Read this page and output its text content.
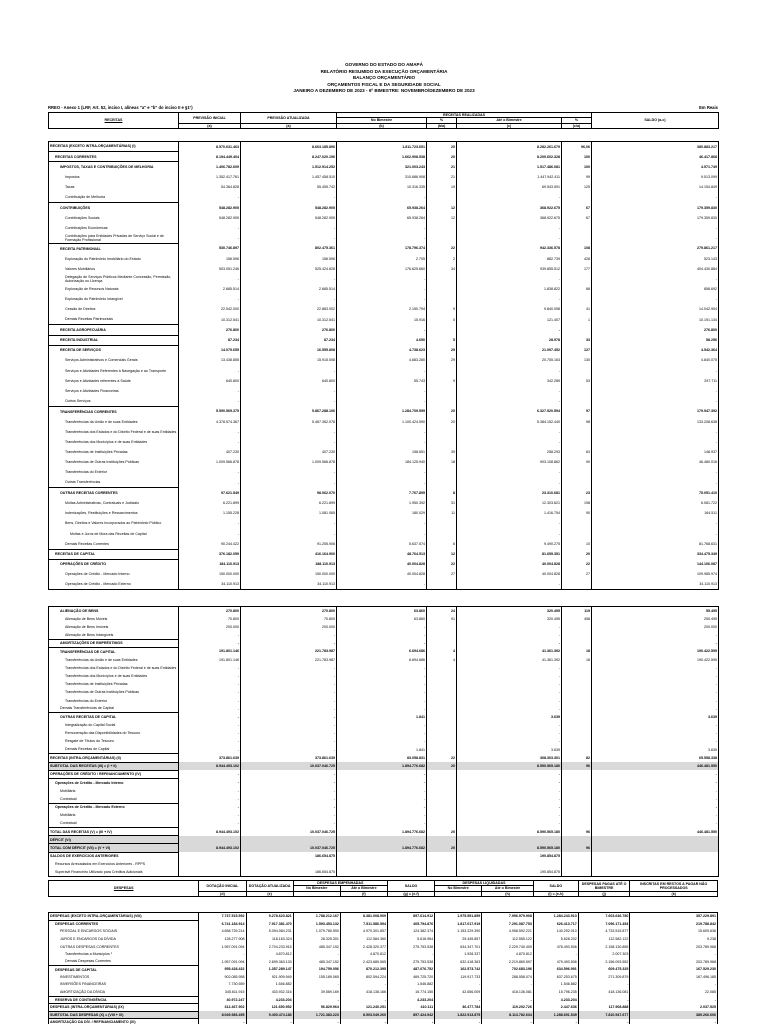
GOVERNO DO ESTADO DO AMAPÁ
RELATÓRIO RESUMIDO DA EXECUÇÃO ORÇAMENTÁRIA
BALANÇO ORÇAMENTÁRIO
ORÇAMENTOS FISCAL E DA SEGURIDADE SOCIAL
JANEIRO A DEZEMBRO DE 2023 - 6º BIMESTRE: NOVEMBRO/DEZEMBRO DE 2023
RREO - Anexo 1 (LRF, Art. 52, inciso I, alíneas "a" e "b" do inciso II e §1º)	Em Reais
RECEITAS	PREVISÃO INICIAL	PREVISÃO ATUALIZADA	RECEITAS REALIZADAS				SALDO (a-c)
			No Bimestre	%	Até o Bimestre	%	
	(a)	(a)	(b)	(b/a)	(c)	(c/a)	
RECEITAS (EXCETO INTRA-ORÇAMENTÁRIAS) (I)	8.570.631.463	8.663.185.896	1.811.723.651	20	8.282.261.679	96,06	380.883.217
RECEITAS CORRENTES	8.194.449.404	8.247.020.196	1.662.908.538	20	8.200.602.328	100	46.417.868
IMPOSTOS, TAXAS E CONTRIBUIÇÕES DE MELHORIA	1.406.782.609	1.512.914.252	321.003.243	21	1.517.486.081	100	4.571.749
Impostos	1.352.417.761	1.457.458.510	310.686.908	21	1.447.942.411	99	9.513.099
Taxas	54.364.828	55.455.742	10.316.335	19	69.543.591	125	14.154.849
Contribuição de Melhoria	-	-	-		-		-
CONTRIBUIÇÕES	548.282.905	548.282.905	65.938.264	12	368.922.675	67	179.359.830
Contribuições Sociais	548.282.905	548.282.905	65.938.264	12	368.922.675	67	179.359.830
Contribuições Econômicas	-	-	-		-		-
Contribuições para Entidades Privadas de Serviço Social e de Formação Profissional	-	-	-		-		-
RECEITA PATRIMONIAL	530.746.897	802.475.361	178.796.374	22	942.336.578	108	279.861.217
Exploração do Patrimônio Imobiliário do Estado	156.596	156.596	2.705	2	882.739	428	523.143
Valores Mobiliários	503.051.246	525.424.628	176.625.660	34	939.855.512	177	404.430.884
Delegação de Serviços Públicos Mediante Concessão, Permissão, Autorização ou Licença	-	-	-		-		-
Exploração de Recursos Naturais	2.685.514	2.685.514	-		1.838.822	68	858.692
Exploração do Patrimônio Intangível	-	-	-		-		-
Cessão de Direitos	22.542.000	22.883.002	2.150.794	9	9.840.098	41	14.042.904
Demais Receitas Patrimoniais	10.312.541	10.312.541	15.916	0	121.407	1	10.191.134
RECEITA AGROPECUÁRIA	276.800	276.800	-		-		276.800
RECEITA INDUSTRIAL	87.234	87.234	4.650	5	28.978	33	58.256
RECEITA DE SERVIÇOS	14.079.655	16.555.808	4.738.623	29	21.097.452	127	4.542.364
Serviços Administrativos e Comerciais Gerais	13.438.855	15.915.008	4.683.280	29	20.755.163	130	4.840.075
Serviços e Atividades Referentes à Navegação e ao Transporte	-	-	-		-		-
Serviços e Atividades referentes à Saúde	640.800	640.800	55.743	9	342.289	53	297.711
Serviços e Atividades Financeiras	-	-	-		-		-
Outros Serviços	-	-	-		-		-
TRANSFERÊNCIAS CORRENTES	5.590.569.375	5.867.288.106	1.284.709.599	20	6.327.520.594	97	179.947.392
Transferências da União e de suas Entidades	4.378.574.367	5.467.362.078	1.100.424.590	20	5.384.152.440	98	133.208.638
Transferências dos Estados e do Distrito Federal e de suas Entidades	-	-	-		-		-
Transferências dos Municípios e de suas Entidades	-	-	-		-		-
Transferências de Instituições Privadas	407.230	407.230	158.651	39	258.293	63	148.937
Transferências de Outras Instituições Públicas	1.009.566.878	1.009.566.878	184.125.940	18	903.108.862	90	46.480.016
Transferências do Exterior	-	-	-		-		-
Outras Transferências	-	-	-		-		-
OUTRAS RECEITAS CORRENTES	97.621.549	98.062.070	7.767.895	8	23.310.681	23	75.051.410
Multas Administrativas, Contratuais e Judiciais	6.221.899	6.221.899	1.950.392	31	12.303.621	198	6.081.722
Indenizações, Restituições e Ressarcimentos	1.155.228	1.081.065	180.029	11	1.416.754	90	164.511
Bens, Direitos e Valores Incorporados ao Patrimônio Público	-	-	-		-		-
Multas e Juros de Mora das Receitas de Capital	-	-	-		-		-
Demais Receitas Correntes	90.244.422	91.255.906	5.637.574	6	9.490.275	10	81.768.631
RECEITAS DE CAPITAL	376.182.059	416.164.900	48.764.513	12	81.659.351	20	334.475.349
OPERAÇÕES DE CRÉDITO	184.110.913	188.110.913	40.004.828	22	40.004.828	22	144.106.087
Operações de Crédito - Mercado Interno	150.000.000	150.000.000	40.004.828	27	40.004.828	27	109.985.974
Operações de Crédito - Mercado Externo	34.110.913	34.110.913	-		-		34.110.913
ALIENAÇÃO DE BENS	270.800	270.800	63.860	24	320.495	119	55.495
Alienação de Bens Móveis	70.800	70.800	63.860	91	320.495	458	250.495
Alienação de Bens Imóveis	200.000	200.000	-		-		200.000
Alienação de Bens Intangíveis	-	-	-		-		-
AMORTIZAÇÕES DE EMPRÉSTIMOS	-	-	-		-		-
TRANSFERÊNCIAS DE CAPITAL	191.801.146	221.783.987	6.694.686	4	41.361.392	18	190.422.595
Transferências da União e de suas Entidades	191.801.146	221.783.987	6.694.686	4	41.361.392	18	190.422.595
Transferências dos Estados e do Distrito Federal e de suas Entidades	-	-	-		-		-
Transferências dos Municípios e de suas Entidades	-	-	-		-		-
Transferências de Instituições Privadas	-	-	-		-		-
Transferências de Outras Instituições Públicas	-	-	-		-		-
Transferências do Exterior	-	-	-		-		-
Demais Transferências de Capital	-	-	-		-		-
OUTRAS RECEITAS DE CAPITAL	-	-	1.841		3.639		3.639
Integralização do Capital Social	-	-	-		-		-
Remuneração das Disponibilidades do Tesouro	-	-	-		-		-
Resgate de Títulos do Tesouro	-	-	-		-		-
Demais Receitas de Capital	-	-	1.841		3.639		3.639
RECEITAS (INTRA-ORÇAMENTÁRIAS) (II)	373.861.639	373.861.639	83.058.831	22	308.303.301	82	65.558.338
SUBTOTAL DAS RECEITAS (III) = (I + II)	8.944.493.102	10.037.046.725	1.894.776.682	20	8.590.565.180	96	446.481.550
OPERAÇÕES DE CRÉDITO / REFINANCIAMENTO (IV)	-	-	-		-		-
Operações de Crédito - Mercado Interno	-	-	-		-		-
Mobiliária	-	-	-		-		-
Contratual	-	-	-		-		-
Operações de Crédito - Mercado Externo	-	-	-		-		-
Mobiliária	-	-	-		-		-
Contratual	-	-	-		-		-
TOTAL DAS RECEITAS (V) = (III + IV)	8.944.493.102	10.037.046.725	1.894.776.682	20	8.590.565.180	96	446.481.550
DÉFICIT (VI)							
TOTAL COM DÉFICIT (VII) = (V + VI)	8.944.493.102	10.037.046.725	1.894.776.682	20	8.590.565.180	96	
SALDOS DE EXERCÍCIOS ANTERIORES		186.654.875			190.854.875		
Recursos Arrecadados em Exercícios Anteriores - RPPS							
Superávit Financeiro Utilizado para Créditos Adicionais		186.654.875			190.854.875		
DESPESAS	DOTAÇÃO INICIAL	DOTAÇÃO ATUALIZADA	DESPESAS EMPENHADAS		SALDO	DESPESAS LIQUIDADAS		SALDO	DESPESAS PAGAS ATÉ O BIMESTRE	INSCRITAS EM RESTOS A PAGAR NÃO PROCESSADOS
			No Bimestre	Até o Bimestre		No Bimestre	Até o Bimestre			
	(d)	(e)		(f)	(g) = (e-f)		(h)	(i) = (e-h)	(j)	(k)
DESPESAS (EXCETO INTRA-ORÇAMENTÁRIAS) (VIII)	7.737.515.592	9.278.623.821	1.788.212.167	8.381.008.909	897.614.912	1.975.591.859	7.996.579.908	1.284.243.913	7.603.646.780	357.229.891
DESPESAS CORRENTES	6.741.184.914	7.917.381.470	1.593.453.132	7.511.586.594	405.794.876	1.817.017.919	7.291.087.753	626.413.717	7.096.171.454	219.788.842
PESSOAL E ENCARGOS SOCIAIS	4.658.739.214	5.094.084.231	1.079.780.590	4.970.301.857	124.382.374	1.153.229.390	4.958.592.221	140.292.010	4.733.515.877	15.609.636
JUROS E ENCARGOS DA DÍVIDA	128.277.908	118.163.324	28.325.301	112.584.360	5.618.964	29.445.857	112.555.122	5.628.202	112.582.122	9.238
OUTRAS DESPESAS CORRENTES	1.957.091.094	2.704.233.915	485.347.152	2.428.320.377	275.753.538	634.347.701	2.229.740.409	478.493.506	2.158.130.855	203.789.968
Transferências a Municípios ¹	-	4.870.812	-	4.870.812	-	1.928.337	4.870.812	-	2.007.303	-
Demais Despesas Correntes	1.957.091.094	2.699.363.103	485.347.152	2.423.689.565	275.753.538	632.418.363	2.219.869.597	479.493.506	2.156.093.552	203.789.968
DESPESAS DE CAPITAL	955.428.432	1.357.289.147	194.759.056	870.212.395	487.076.752	162.573.742	702.683.196	634.596.991	609.475.325	167.529.230
INVESTIMENTOS	902.085.958	921.909.949	155.189.065	802.594.224	469.725.720	119.917.733	288.558.074	637.253.675	271.309.879	167.496.185
INVERSÕES FINANCEIRAS	7.730.559	1.546.882	-	-	1.546.882	-	-	1.546.882	-	-
AMORTIZAÇÃO DA DÍVIDA	345.611.915	433.932.316	39.569.169	418.138.166	15.774.150	42.656.009	418.136.081	15.796.235	418.136.081	22.085
RESERVA DE CONTINGÊNCIA	40.972.247	4.233.204	-	-	4.233.204	-	-	4.233.204	-	-
DESPESAS (INTRA-ORÇAMENTÁRIAS) (IX)	312.467.902	121.650.952	56.829.964	121.240.251	410.111	36.477.784	119.202.726	2.447.636	117.908.888	2.037.525
SUBTOTAL DAS DESPESAS (X) = (VIII + IX)	8.049.983.495	9.400.474.183	1.721.383.223	8.503.049.260	897.424.942	1.822.913.875	8.113.782.634	1.288.691.549	7.810.547.677	389.266.606
AMORTIZAÇÃO DA DÍV. / REFINANCIAMENTO (XI)	-	-	-	-	-	-	-	-	-	-
